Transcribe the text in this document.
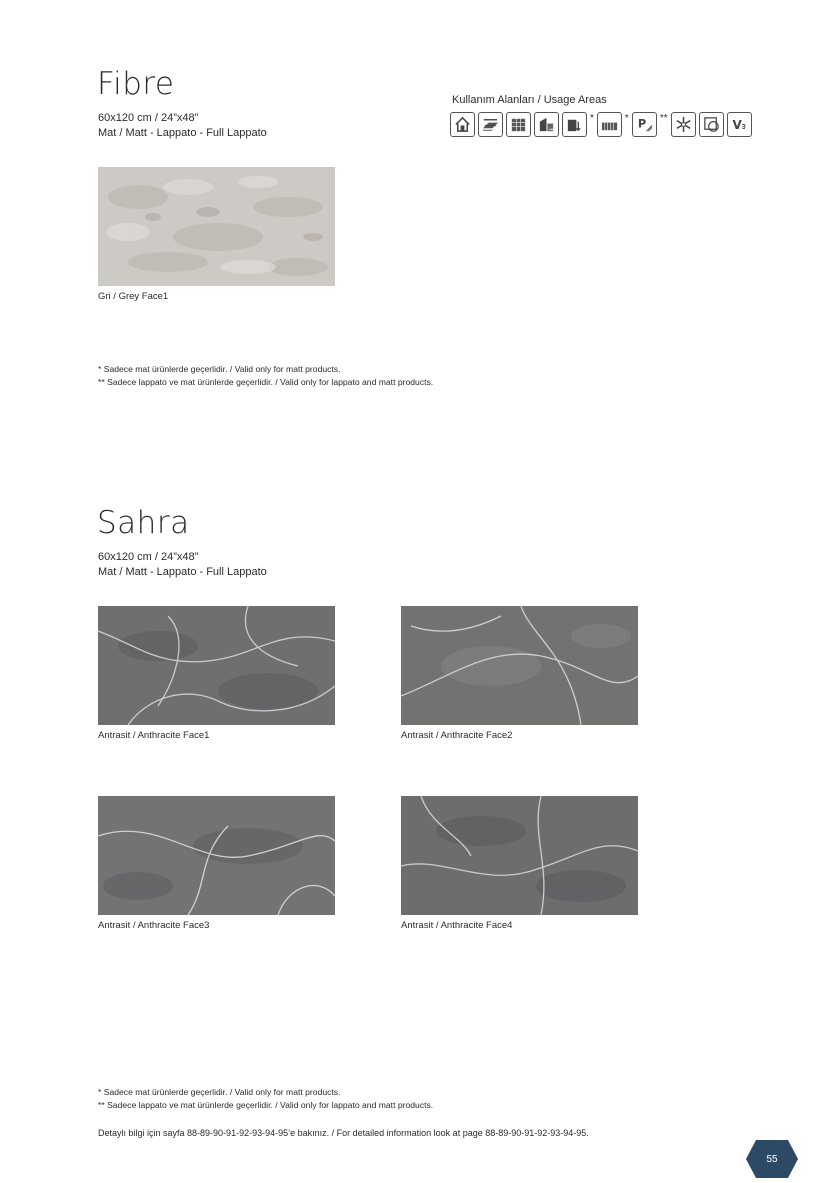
Fibre
60x120 cm / 24”x48”
Mat / Matt - Lappato - Full Lappato
Kullanım Alanları / Usage Areas
*	* P **	V 3
Gri / Grey Face1
* Sadece mat ürünlerde geçerlidir. / Valid only for matt products.
** Sadece lappato ve mat ürünlerde geçerlidir. / Valid only for lappato and matt products.
Sahra
60x120 cm / 24”x48”
Mat / Matt - Lappato - Full Lappato
Antrasit / Anthracite Face1	Antrasit / Anthracite Face2
Antrasit / Anthracite Face3	Antrasit / Anthracite Face4
* Sadece mat ürünlerde geçerlidir. / Valid only for matt products.
** Sadece lappato ve mat ürünlerde geçerlidir. / Valid only for lappato and matt products.
Detaylı bilgi için sayfa 88-89-90-91-92-93-94-95’e bakınız. / For detailed information look at page 88-89-90-91-92-93-94-95.
55
